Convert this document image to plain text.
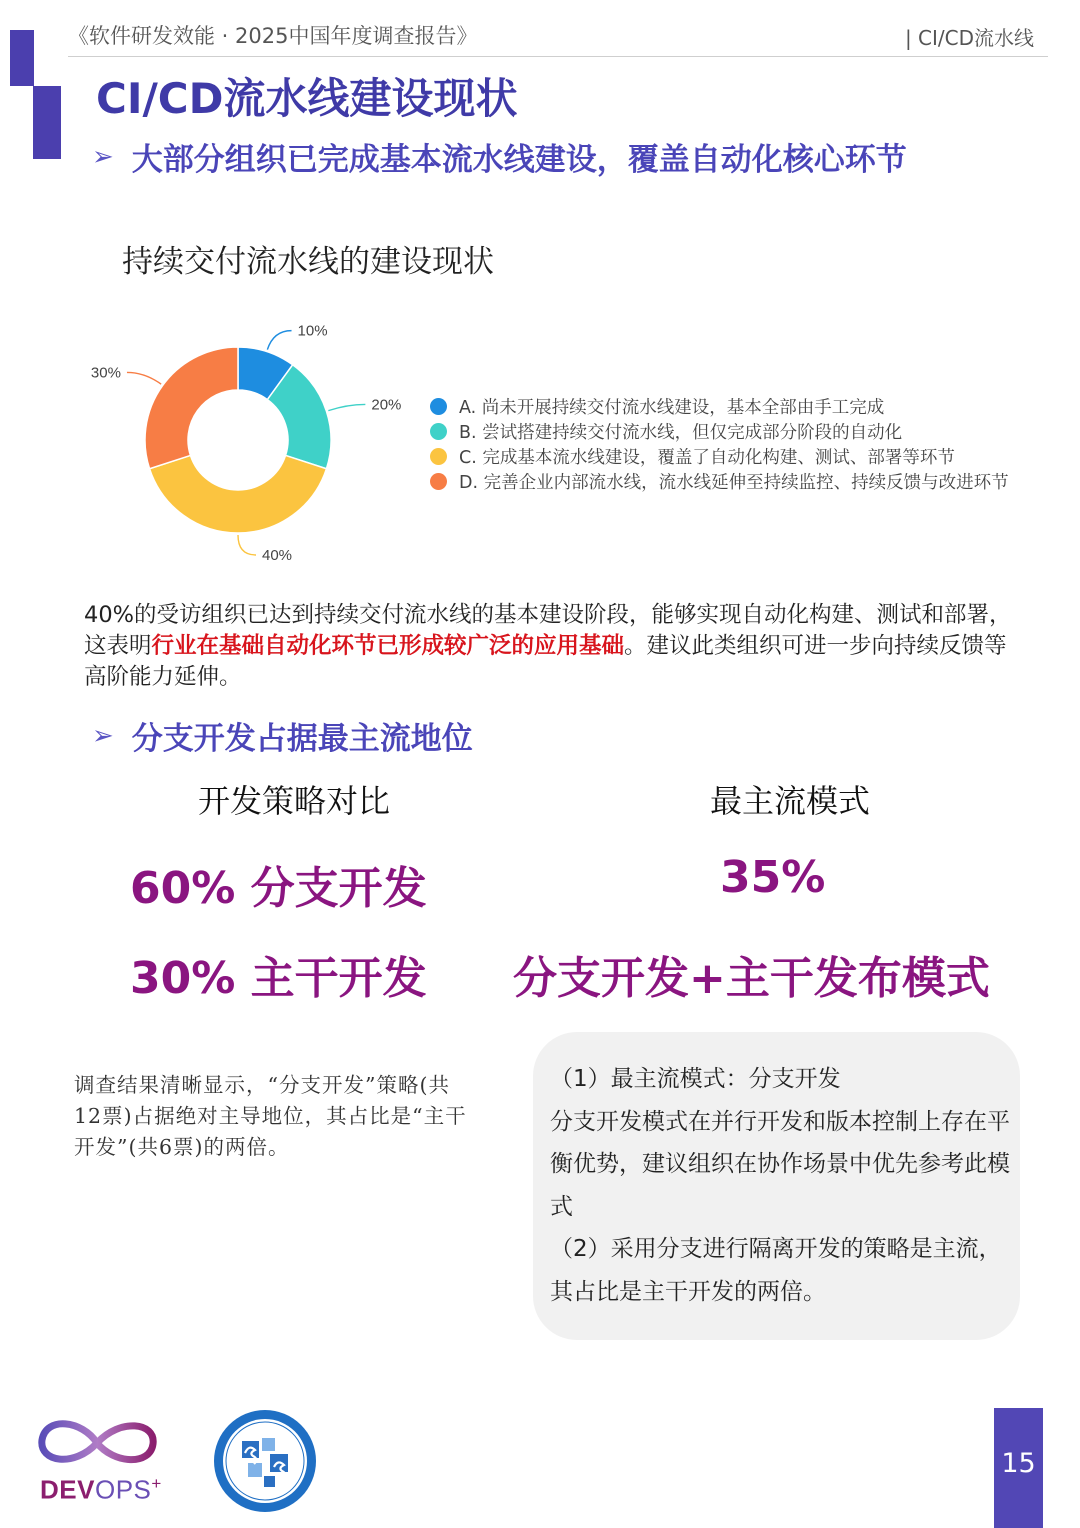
《软件研发效能 · 2025中国年度调查报告》	| CI/CD流水线
CI/CD流水线建设现状
➢ 大部分组织已完成基本流水线建设，覆盖自动化核心环节
持续交付流水线的建设现状
10%
20%
40%
30%
A. 尚未开展持续交付流水线建设，基本全部由手工完成
B. 尝试搭建持续交付流水线，但仅完成部分阶段的自动化
C. 完成基本流水线建设，覆盖了自动化构建、测试、部署等环节
D. 完善企业内部流水线，流水线延伸至持续监控、持续反馈与改进环节
40%的受访组织已达到持续交付流水线的基本建设阶段，能够实现自动化构建、测试和部署，这表明行业在基础自动化环节已形成较广泛的应用基础。建议此类组织可进一步向持续反馈等高阶能力延伸。
➢ 分支开发占据最主流地位
开发策略对比	最主流模式
60% 分支开发	35%
30% 主干开发 分支开发+主干发布模式
调查结果清晰显示，“分支开发”策略(共12票)占据绝对主导地位，其占比是“主干开发”(共6票)的两倍。

（1）最主流模式：分支开发

分支开发模式在并行开发和版本控制上存在平衡优势，建议组织在协作场景中优先参考此模式

（2）采用分支进行隔离开发的策略是主流，其占比是主干开发的两倍。

DEVOPS+
15
